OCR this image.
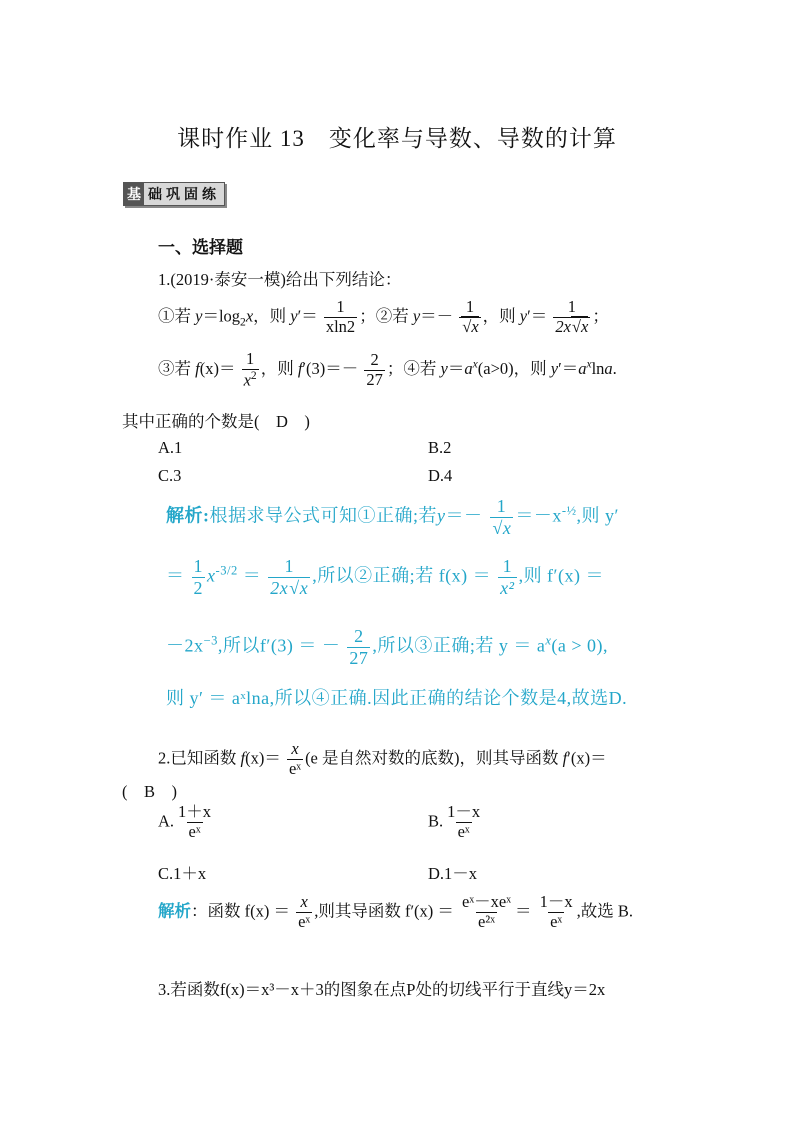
课时作业 13　变化率与导数、导数的计算
基 础巩固练
一、选择题
1.(2019·泰安一模)给出下列结论：
①若 $y=\log_2x$，则 $y'= \frac{1}{xln2}$ ；②若 y＝－ 1
√ x ，则 $y'= \frac{1}{2x √ x}$ ；
③若 $f(x)= \frac{1}{x^2}$ ，则 $f'(3)=- \frac{2}{27}$ ；④若 $y=a^x(a>0)$，则 $y'=a^x\ln a$.
其中正确的个数是(　D　)
A.1	B.2
C.3	D.4
解析:根据求导公式可知①正确;若y＝－ 1
√ $x =-x^{-\frac{1}{2}}$,则 y′
＝ $\frac{1}{2} x^{-3/2} = \frac{1}{2x √ x}$ ,所以②正确;若 $f(x) = \frac{1}{\text{x²}}$ ,则 f′(x) ＝
$-2x^{-3}$,所以f′(3) ＝ － $\frac{2}{27}$ ,所以③正确;若 $y = a^x(a > 0)$,
则 y′ ＝ aˣlna,所以④正确.因此正确的结论个数是4,故选D.
2.已知函数 $f(x)= \frac{x}{\text{eˣ}} (e$ 是自然对数的底数)，则其导函数 f′(x)＝
(　B　)
A. $\frac{1+x}{\text{eˣ}}$	B. $\frac{1-x}{\text{eˣ}}$
C.1＋x	D.1－x
解析：函数 $f(x) = \frac{x}{\text{eˣ}}$ ,则其导函数 $f'(x) = \frac{\text{eˣ－xeˣ}}{\text{e²ˣ}} = \frac{1-x}{\text{eˣ}}$ ,故选 B.
3.若函数f(x)＝x³－x＋3的图象在点P处的切线平行于直线y＝2x
